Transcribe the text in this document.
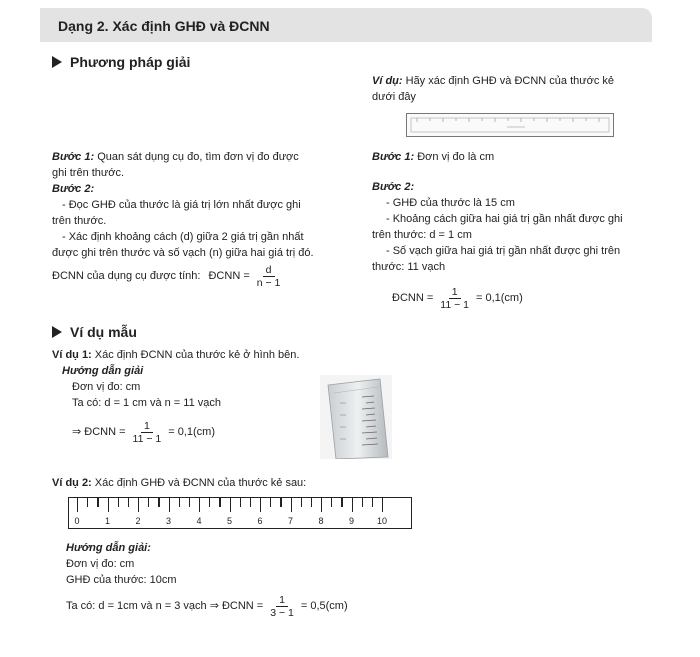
Dạng 2. Xác định GHĐ và ĐCNN
Phương pháp giải
Ví dụ: Hãy xác định GHĐ và ĐCNN của thước kẻ
dưới đây
Bước 1: Quan sát dụng cụ đo, tìm đơn vị đo được
ghi trên thước.
Bước 2:
- Đọc GHĐ của thước là giá trị lớn nhất được ghi
trên thước.
- Xác định khoảng cách (d) giữa 2 giá trị gần nhất
được ghi trên thước và số vạch (n) giữa hai giá trị đó.
ĐCNN của dụng cụ được tính: ĐCNN = $\frac{d}{n - 1}$
Bước 1: Đơn vị đo là cm
Bước 2:
- GHĐ của thước là 15 cm
- Khoảng cách giữa hai giá trị gần nhất được ghi
trên thước: d = 1 cm
- Số vạch giữa hai giá trị gần nhất được ghi trên
thước: 11 vạch
ĐCNN = $\frac{1}{11 - 1} = 0,1(cm)$
Ví dụ mẫu
Ví dụ 1: Xác định ĐCNN của thước kẻ ở hình bên.
Hướng dẫn giải
Đơn vị đo: cm
Ta có: d = 1 cm và n = 11 vạch
⇒ ĐCNN = $\frac{1}{11 - 1} = 0,1(cm)$
Ví dụ 2: Xác định GHĐ và ĐCNN của thước kẻ sau:
0	1	2	3	4	5	6	7	8	9	10
Hướng dẫn giải:
Đơn vị đo: cm
GHĐ của thước: 10cm
Ta có: d = 1cm và n = 3 vạch ⇒ ĐCNN = $\frac{1}{3 - 1} = 0,5(cm)$
